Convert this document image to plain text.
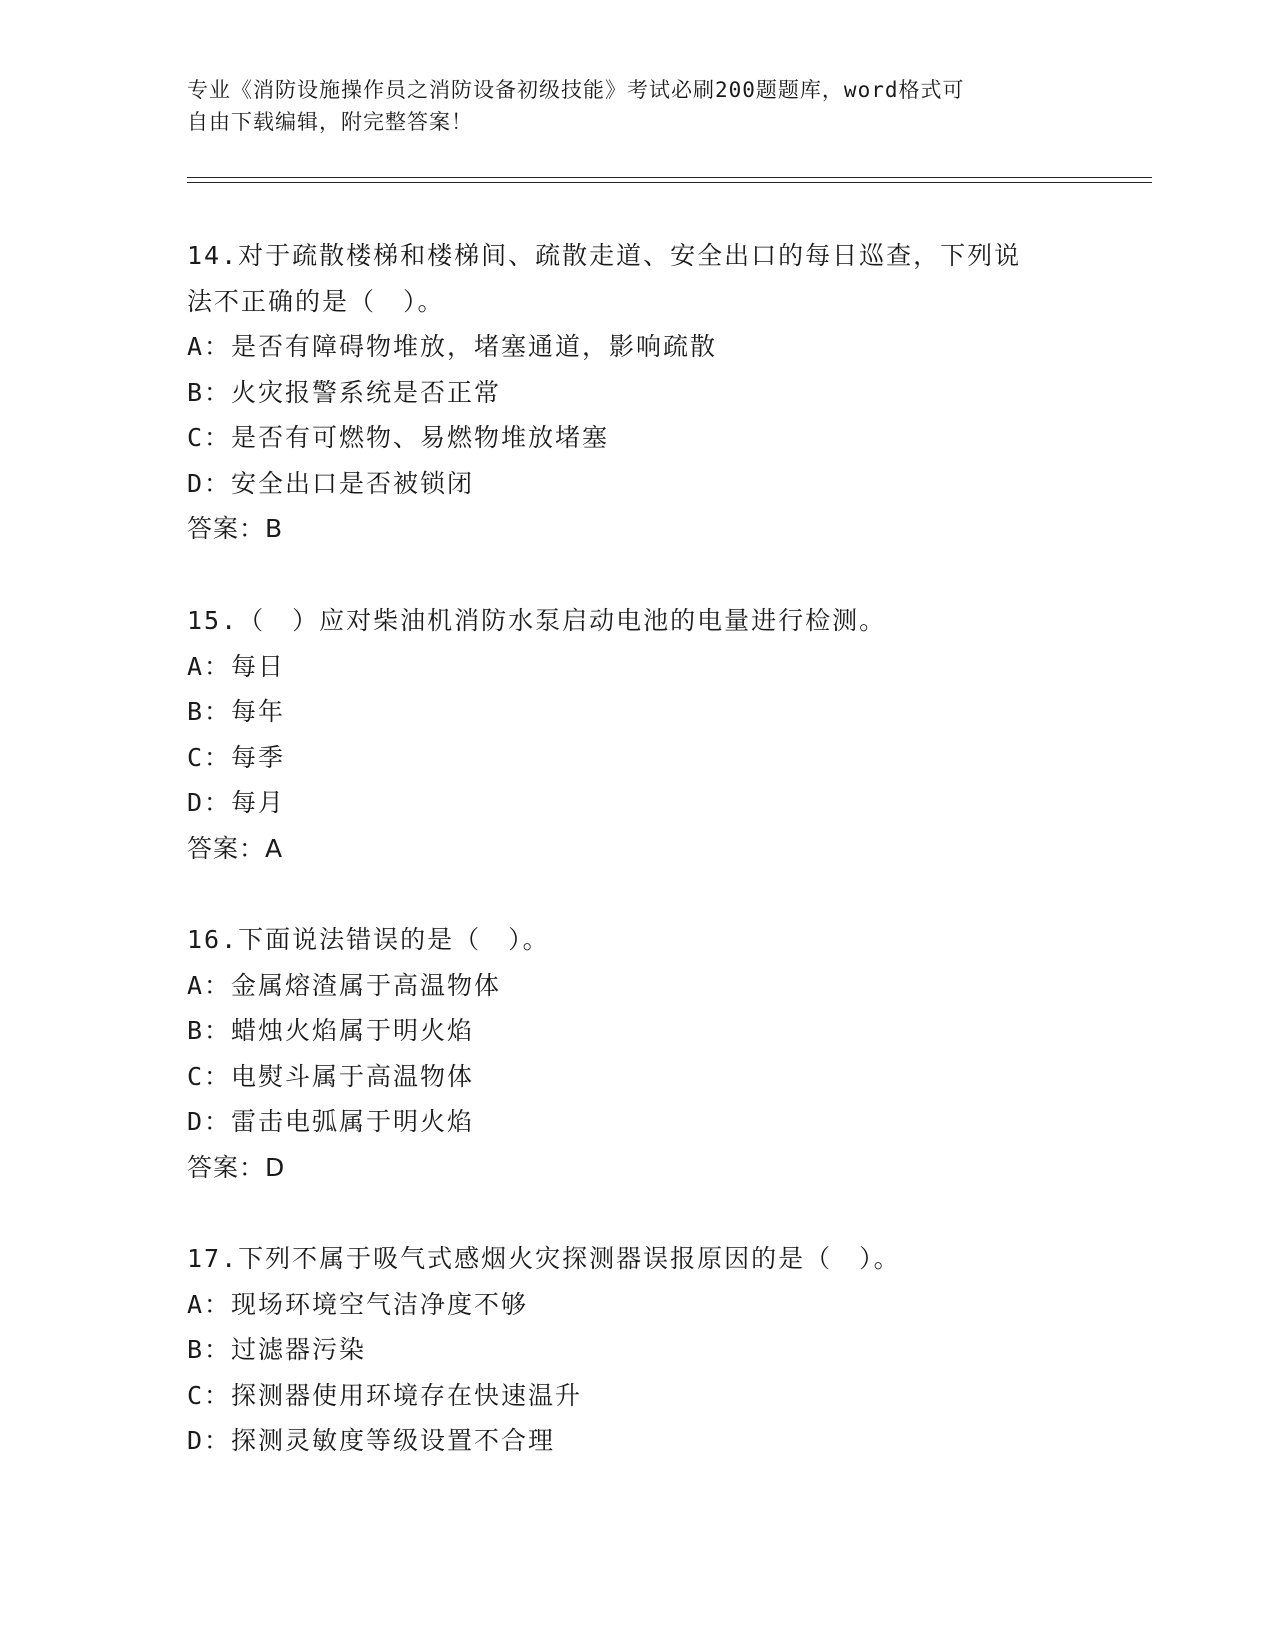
专业《消防设施操作员之消防设备初级技能》考试必刷200题题库，word格式可
自由下载编辑，附完整答案！
14.对于疏散楼梯和楼梯间、疏散走道、安全出口的每日巡查，下列说
法不正确的是（　）。
A：是否有障碍物堆放，堵塞通道，影响疏散
B：火灾报警系统是否正常
C：是否有可燃物、易燃物堆放堵塞
D：安全出口是否被锁闭
答案：B
15.（　）应对柴油机消防水泵启动电池的电量进行检测。
A：每日
B：每年
C：每季
D：每月
答案：A
16.下面说法错误的是（　）。
A：金属熔渣属于高温物体
B：蜡烛火焰属于明火焰
C：电熨斗属于高温物体
D：雷击电弧属于明火焰
答案：D
17.下列不属于吸气式感烟火灾探测器误报原因的是（　）。
A：现场环境空气洁净度不够
B：过滤器污染
C：探测器使用环境存在快速温升
D：探测灵敏度等级设置不合理
